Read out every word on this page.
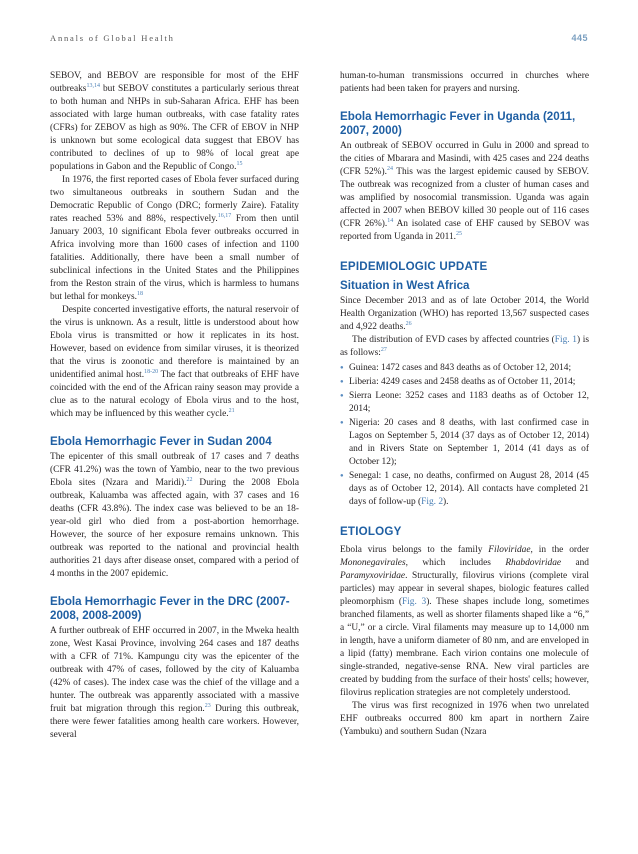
Annals of Global Health	445

SEBOV, and BEBOV are responsible for most of the EHF outbreaks$^{13,14}$ but SEBOV constitutes a particularly serious threat to both human and NHPs in sub-Saharan Africa. EHF has been associated with large human outbreaks, with case fatality rates (CFRs) for ZEBOV as high as 90%. The CFR of EBOV in NHP is unknown but some ecological data suggest that EBOV has contributed to declines of up to 98% of local great ape populations in Gabon and the Republic of Congo.$^{15}$

In 1976, the first reported cases of Ebola fever surfaced during two simultaneous outbreaks in southern Sudan and the Democratic Republic of Congo (DRC; formerly Zaire). Fatality rates reached 53% and 88%, respectively.$^{16,17}$ From then until January 2003, 10 significant Ebola fever outbreaks occurred in Africa involving more than 1600 cases of infection and 1100 fatalities. Additionally, there have been a small number of subclinical infections in the United States and the Philippines from the Reston strain of the virus, which is harmless to humans but lethal for monkeys.$^{18}$

Despite concerted investigative efforts, the natural reservoir of the virus is unknown. As a result, little is understood about how Ebola virus is transmitted or how it replicates in its host. However, based on evidence from similar viruses, it is theorized that the virus is zoonotic and therefore is maintained by an unidentified animal host.$^{18-20}$ The fact that outbreaks of EHF have coincided with the end of the African rainy season may provide a clue as to the natural ecology of Ebola virus and to the host, which may be influenced by this weather cycle.$^{21}$

Ebola Hemorrhagic Fever in Sudan 2004

The epicenter of this small outbreak of 17 cases and 7 deaths (CFR 41.2%) was the town of Yambio, near to the two previous Ebola sites (Nzara and Maridi).$^{22}$ During the 2008 Ebola outbreak, Kaluamba was affected again, with 37 cases and 16 deaths (CFR 43.8%). The index case was believed to be an 18-year-old girl who died from a post-abortion hemorrhage. However, the source of her exposure remains unknown. This outbreak was reported to the national and provincial health authorities 21 days after disease onset, compared with a period of 4 months in the 2007 epidemic.

Ebola Hemorrhagic Fever in the DRC (2007-2008, 2008-2009)

A further outbreak of EHF occurred in 2007, in the Mweka health zone, West Kasai Province, involving 264 cases and 187 deaths with a CFR of 71%. Kampungu city was the epicenter of the outbreak with 47% of cases, followed by the city of Kaluamba (42% of cases). The index case was the chief of the village and a hunter. The outbreak was apparently associated with a massive fruit bat migration through this region.$^{23}$ During this outbreak, there were fewer fatalities among health care workers. However, several

human-to-human transmissions occurred in churches where patients had been taken for prayers and nursing.

Ebola Hemorrhagic Fever in Uganda (2011, 2007, 2000)

An outbreak of SEBOV occurred in Gulu in 2000 and spread to the cities of Mbarara and Masindi, with 425 cases and 224 deaths (CFR 52%).$^{24}$ This was the largest epidemic caused by SEBOV. The outbreak was recognized from a cluster of human cases and was amplified by nosocomial transmission. Uganda was again affected in 2007 when BEBOV killed 30 people out of 116 cases (CFR 26%).$^{14}$ An isolated case of EHF caused by SEBOV was reported from Uganda in 2011.25

EPIDEMIOLOGIC UPDATE
Situation in West Africa

Since December 2013 and as of late October 2014, the World Health Organization (WHO) has reported 13,567 suspected cases and 4,922 deaths.$^{26}$

The distribution of EVD cases by affected countries (Fig. 1) is as follows:$^{27}$

● Guinea: 1472 cases and 843 deaths as of October 12, 2014;
● Liberia: 4249 cases and 2458 deaths as of October 11, 2014;
● Sierra Leone: 3252 cases and 1183 deaths as of October 12, 2014;
● Nigeria: 20 cases and 8 deaths, with last confirmed case in Lagos on September 5, 2014 (37 days as of October 12, 2014) and in Rivers State on September 1, 2014 (41 days as of October 12);
● Senegal: 1 case, no deaths, confirmed on August 28, 2014 (45 days as of October 12, 2014). All contacts have completed 21 days of follow-up (Fig. 2).
ETIOLOGY

Ebola virus belongs to the family Filoviridae, in the order Mononegavirales, which includes Rhabdoviridae and Paramyxoviridae. Structurally, filovirus virions (complete viral particles) may appear in several shapes, biologic features called pleomorphism (Fig. 3). These shapes include long, sometimes branched filaments, as well as shorter filaments shaped like a “6,” a “U,” or a circle. Viral filaments may measure up to 14,000 nm in length, have a uniform diameter of 80 nm, and are enveloped in a lipid (fatty) membrane. Each virion contains one molecule of single-stranded, negative-sense RNA. New viral particles are created by budding from the surface of their hosts' cells; however, filovirus replication strategies are not completely understood.

The virus was first recognized in 1976 when two unrelated EHF outbreaks occurred 800 km apart in northern Zaire (Yambuku) and southern Sudan (Nzara
